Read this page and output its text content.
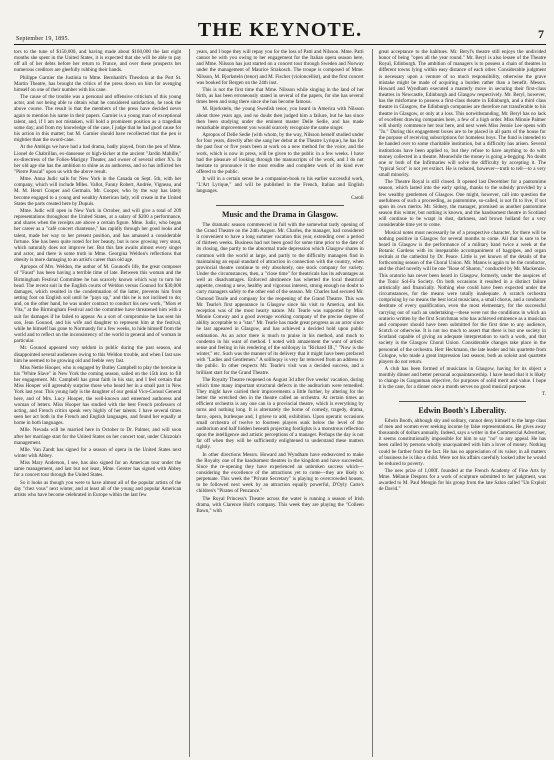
September 19, 1895.	THE KEYNOTE.	7

tors to the tune of $150,000, and having made about $160,000 the last eight months she spent in the United States, it is expected that she will be able to pay off all of her debts before her return to France, and over these prospects her numerous creditors are gleefully rubbing their hands.

Philippe Garnier the Justinia to Mme. Bernhardt's Theodora at the Port St. Martin Theatre, has brought the critics of the press down on him for avenging himself on one of their number with his cane.

The cause of the trouble was a personal and offensive criticism of this young actor, and not being able to obtain what he considered satisfaction, he took the above course. The result is that the members of the press have decided never again to mention his name in their papers. Garnier is a young man of exceptional talent, and, if I am not mistaken, will hold a prominent position as a tragedian some day; and from my knowledge of the case, I judge that he had good cause for his action in this matter; but M. Garnier should have recollected that the pen is mightier than the sword-cane.

At the Ambigu we have had a bad drama, badly played, from the pen of Mme. Lionel de Chabrillan, ex-danseuse or high-kicker at the ancient "Jardin Mabille," ex-directress of the Folies-Marigny Theater, and owner of several other X's. In her old age she has the ambition to shine as an authoress, and so has inflicted her "Pierre Pascal" upon us with the above result.

Mme. Anna Judic sails for New York in the Canada on Sept. 5th, with her company, which will include Mlles. Vallot, Fanny Robert, Andrée, Vigneau, and M. M. Henri Cooper and Germain. Mr. Cooper, who by the way has lately become engaged to a young and wealthy American lady, will create in the United States the parts created here by Dupuis.

Mme. Judic will open in New York in October, and will give a total of 209 representations throughout the United States, at a salary of $200 a performance, and shares when the receipts are above a certain figure. Mme. Judic, who began her career as a "café concert chanteuse," has rapidly through her good looks and talent, made her way to her present position, and has amassed a considerable fortune. She has been quite noted for her beauty, but is now growing very stout, which naturally does not improve her. But this fate awaits almost every singer and actor, and there is some truth in Mme. Georgina Weldon's reflections that obesity is more damaging to an artist's career than old age.

Apropos of Mrs. Weldon, the author of M. Gounod's life, the great composer of "Faust" has been having a terrible time of late. Between this woman and the Birmingham Festival Committee he has scarcely known which way to turn his head. The recent suit in the English courts of Weldon versus Gounod for $30,000 damages, which resulted in the condemnation of the latter, prevents him from setting foot on English soil until he "pays up," and this he is not inclined to do; and, on the other hand, he was under contract to conduct his new work, "Mors et Vita," at the Birmingham Festival and the committee have threatened him with a suit for damages if he failed to appear. As a sort of compromise he has sent his son, Jean Gounod, and his wife and daughter to represent him at the festival, while he himself has gone to Normandy for a few weeks, to hide himself from the world and to reflect on the inconsistency of the world in general and of woman in particular.

Mr. Gounod appeared very seldom in public during the past season, and disappointed several audiences owing to this Weldon trouble, and when I last saw him he seemed to be growing old and feeble very fast.

Miss Nettie Hooper, who is engaged by Butley Campbell to play the heroine in his "White Slave" in New York the coming season, sailed on the 15th inst. to fill her engagement. Mr. Campbell has great faith in his star, and I feel certain that Miss Hooper will agreeably surprise those who heard her in a small part in New York last year. This young lady is the daughter of our genial Vice-Consul General here, and of Mrs. Lucy Hooper, the well-known and esteemed authoress and woman of letters. Miss Hooper has studied with the best French professors of acting, and French critics speak very highly of her talents. I have several times seen her act both in the French and English languages, and found her equally at home in both languages.

Mlle. Nevada will be married here in October to Dr. Palmer, and will soon after her marriage start for the United States on her concert tour, under Chizzola's management.

Mlle. Van Zandt has signed for a season of opera in the United States next winter with Abbey.

Miss Mary Anderson, I see, has also signed for an American tour under the same management, and last but not least, Mme. Gerster has signed with Abbey for a concert tour through the United States.

So it looks as though you were to have almost all of the popular artists of the day "chez vous" next winter, and at least all of the young and popular American artists who have become celebrated in Europe within the last few

years, and I hope they will repay you for the loss of Patti and Nilsson. Mme. Patti cannot be with you owing to her engagement for the Italian opera season here, and Mme. Nilsson has just started on a concert tour through Sweden and Norway under the management of Maurice Strakosch. The troupe is composed of Mme. Nilsson, M. Bjorksteln (tenor) and M. Fischer (violoncellist), and the first concert was booked for Bergen on the 24th inst.

This is not the first time that Mme. Nilsson while singing in the land of her birth, as has been erroneously stated in several of the papers, for she has several times been and sung there since she has become famous.

M. Bjorksteln, the young Swedish tenor, you heard in America with Nilsson about three years ago, and no doubt then judged him a failure, but he has since then been studying under the eminent master Delle Sedie, and has made remarkable improvement you would scarcely recognize the same singer.

Apropos of Delle Sedie (with whom, by the way, Nilsson herself studied under for four years, directly after she sang her debut at the Theatre Lyrique), he has for the past four or five years been at work on a new method for the voice, and the work, which is now in press, will be given to the public in a few weeks. I have had the pleasure of looking through the manuscripts of the work, and I do not hesitate to pronounce it the most erudite and complete work of its kind ever offered to the public.

It will in a certain sense be a companion-book to his earlier successful work, "L'Art Lyrique," and will be published in the French, Italian and English languages.

Caroll

Music and the Drama in Glasgow.

The dramatic season commenced in full with the somewhat tardy opening of the Grand Theatre on the 24th August. Mr. Charles, the manager, had considered it convenient to have a long summer vacation this year, extending over a period of thirteen weeks. Business had not been good for some time prior to the date of its closing, due partly to the abnormal trade depression which Glasgow shares in common with the world at large, and partly to the difficulty managers find in maintaining an equal standard of attraction in connection with the country, when provincial theatre continue to rely absolutely, one stock company for variety. Under the circumstances, then, a "close time" for theatricals has its advantages as well as disadvantages. Enforced abstinence has whetted the local theatrical appetite, creating a new, healthy and vigorous interest, strong enough no doubt to carry managers safely to the other end of the season. Mr. Charles had secured Mr. Osmond Tearle and company for the reopening of the Grand Theatre. This was Mr. Tearle's first appearance in Glasgow since his visit to America, and his reception was of the most hearty nature. Mr. Tearle was supported by Miss Minnie Conway and a good average working company of the precise degree of ability acceptable to a "star." Mr. Tearle has made great progress as an actor since he last appeared in Glasgow, and has achieved a decided hold upon public estimation. As an actor there is much to praise in his method, and much to condemn in his want of method. I noted with amazement the want of artistic sense and feeling in his rendering of the soliloquy in "Richard III.," "Now is the winter," etc. Such was the manner of its delivery that it might have been prefaced with "Ladies and Gentlemen." A soliloquy is very far removed from an address to the public. In other respects Mr. Tearle's visit was a decided success, and a brilliant start for the Grand Theatre.

The Royalty Theatre reopened on August 3d after five weeks' vacation, during which time many important structural defects in the auditorium were remedied. They might have carried their improvements a little further, by altering for the better the wretched den in the theatre called an orchestra. At certain times an efficient orchestra is any one can in a provincial theatre, which is everything by turns and nothing long. It is alternately the home of comedy, tragedy, drama, farce, opera, burlesque and, I grieve to add, exhibition. Upon operatic occasions small orchestra of twelve to fourteen players sunk below the level of the auditorium and half hidden beneath projecting footlights is a monstrous reflection upon the intelligence and artistic perceptions of a manager. Perhaps the day is not far off when they will be sufficiently enlightened to understand these matters rightly.

In other directions Messrs. Howard and Wyndham have endeavored to make the Royalty one of the handsomest theatres in the kingdom and have succeeded. Since the re-opening they have experienced an unbroken success which—considering the excellence of the attractions yet to come—they are likely to perpetuate. This week the "Private Secretary" is playing to overcrowded houses, to be followed next week by an attraction equally powerful, D'Oyly Carte's children's "Pirates of Penzance."

The Royal Princess's Theatre across the water is running a season of Irish drama, with Clarence Holt's company. This week they are playing the "Colleen Bawn," with

great acceptance to the habitues. Mr. Beryl's theatre still enjoys the undivided honor of being "open all the year round." Mr. Beryl is also lessee of the Theatre Royal, Edinburgh. The ambition of managers is to possess a chain of theatres in different towns lying within easy distance of each other. Considerable judgment is necessary upon a venture of so much responsibility, otherwise the grave mistake might be made of acquiring a burden rather than a benefit. Messrs. Howard and Wyndham executed a masterly move in securing their first-class theatres in Newcastle, Edinburgh and Glasgow respectively. Mr. Beryl, however, has the misfortune to possess a first-class theatre in Edinburgh, and a third class theatre in Glasgow, the Edinburgh companies are therefore not transferable to his theatre in Glasgow, or only at a loss. This notwithstanding, Mr. Beryl has no lack of excellent drawing companies here, a few of a high order. Miss Minnie Palmer will shortly commence her tour here, and next week Miss Jennie Lee opens with "Jo." During this engagement boxes are to be placed in all parts of the house for the purpose of receiving subscriptions for homeless boys. The fund is intended to be handed over to some charitable institution, but a difficulty has arisen. Several institutions have been applied to, but they refuse to have anything to do with money collected in a theatre. Meanwhile the money is going a-begging. No doubt one or both of the Infirmaries will solve the difficulty by accepting it. The "typical Scot" is not yet extinct. He is reduced, however—truth to tell—to a very small minority.

The Theatre Royal is still closed. It opened last December for a pantomime season, which lasted into the early spring, thanks to the subsidy provided by a few wealthy gentlemen of Glasgow. One might, however, call into question the usefulness of such a proceeding, as pantomime, so-called, is not fit to live, if not upon its own merits. Mr. Sidney, the manager, promised us another pantomime season this winter, but nothing is known, and the handsomest theatre in Scotland will continue to be wrapt in dust, darkness, and brown holland for a very considerable time yet to come.

Musical notes must necessarily be of a prospective character, for there will be nothing positive in Glasgow for several months to come. All that is sure to be heard in Glasgow is the performance of a military band twice a week at the Botanic Gardens with its inseparable accompaniment of bagpipes, and organ recitals at the cathedral by Dr. Peace. Little is yet known of the details of the forthcoming season of the Choral Union. Mr. Manns is again to be the conductor, and the chief novelty will be one "Rose of Sharon," conducted by Mr. Mackenzie. This oratorio has never been heard in Glasgow, formerly, under the auspices of the Tonic Sol-Fa Society. On both occasions it resulted in a distinct failure artistically and financially. Nothing else could have been expected under the circumstances, for the means were totally inadequate. A scratch orchestra comprising by no means the best local musicians, a small chorus, and a conductor destitute of every qualification, even the most elementary, for the successful carrying out of such an undertaking—these were not the conditions in which an oratorio written by the first Scotchman who has achieved eminence as a musician and composer should have been submitted for the first time to any audience, Scotch or otherwise. It is not too much to assert that there is but one society in Scotland capable of giving an adequate interpretation to such a work, and that society is the Glasgow Choral Union. Considerable changes take place in the personnel of the orchestra. Herr Heckmann, the late leader and his quartette from Cologne, who made a great impression last season, both as soloist and quartette players do not return.

A club has been formed of musicians in Glasgow, having for its object a monthly dinner and better personal acquaintanceship. I have heard that it is likely to change its Gargantuan objective, for purposes of solid merit and value. I hope it is the case, for a dinner once a month serves no good musical purpose.

T.

Edwin Booth's Liberality.

Edwin Booth, although shy and solitary, cannot deny himself to the large class of men and women ever seeking income by false representations. He gives away thousands of dollars annually. Indeed, says a writer in the Commercial Advertiser, it seems constitutionally impossible for him to say "no" to any appeal. He has been called by persons wholly unacquainted with him a lover of money. Nothing could be farther from the fact. He has no appreciation of its value; in all matters of business he is like a child. Were not his affairs carefully looked after he would be reduced to poverty.

The new prize of 1,000f. founded at the French Academy of Fine Arts by Mme. Mélanie Desprez for a work of sculpture submitted to her judgment, was awarded to M. Paul Mengin for his group from the late Salon called "Un Exploit de David."
